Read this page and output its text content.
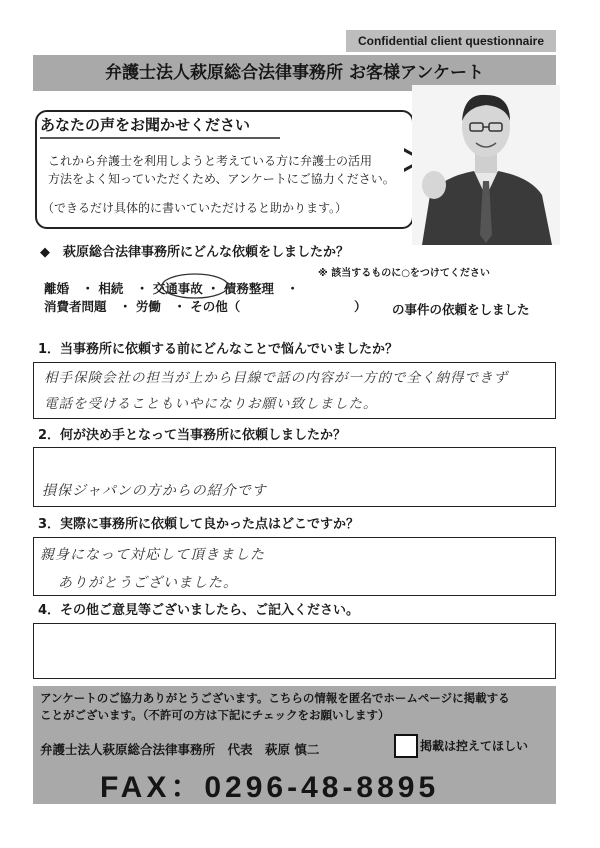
Confidential client questionnaire
弁護士法人萩原総合法律事務所 お客様アンケート
あなたの声をお聞かせください
これから弁護士を利用しようと考えている方に弁護士の活用
方法をよく知っていただくため、アンケートにご協力ください。
（できるだけ具体的に書いていただけると助かります。）
◆　萩原総合法律事務所にどんな依頼をしましたか？
※ 該当するものに○をつけてください
離婚　・ 相続　・ 交通事故 ・ 債務整理　・
消費者問題　・ 労働　・ その他（	） の事件の依頼をしました
1．当事務所に依頼する前にどんなことで悩んでいましたか？
相手保険会社の担当が上から目線で話の内容が一方的で全く納得できず
電話を受けることもいやになりお願い致しました。
2．何が決め手となって当事務所に依頼しましたか？
損保ジャパンの方からの紹介です
3．実際に事務所に依頼して良かった点はどこですか？
親身になって対応して頂きました
ありがとうございました。
4．その他ご意見等ございましたら、ご記入ください。
アンケートのご協力ありがとうございます。こちらの情報を匿名でホームページに掲載する
ことがございます。（不許可の方は下記にチェックをお願いします）
弁護士法人萩原総合法律事務所　代表　萩原 慎二	掲載は控えてほしい
FAX：0296-48-8895
